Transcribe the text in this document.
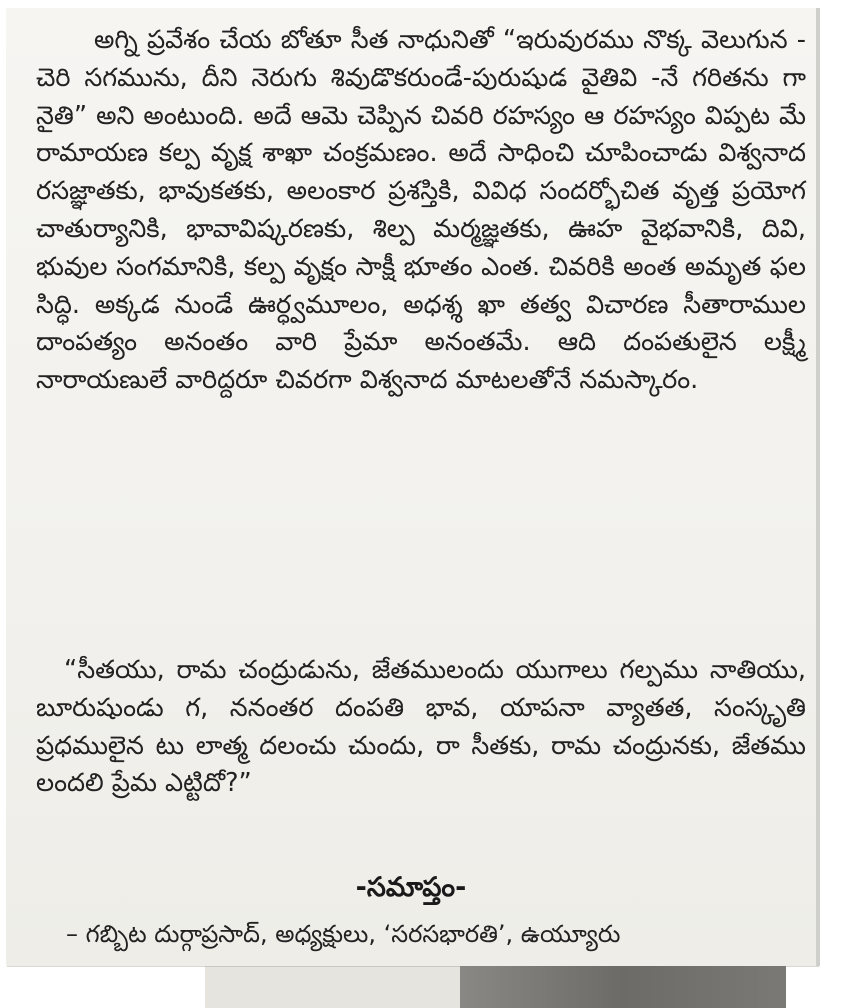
అగ్ని ప్రవేశం చేయ బోతూ సీత నాధునితో “ఇరువురము నొక్క వెలుగున - చెరి సగమును, దీని నెరుగు శివుడొకరుండే-పురుషుడ వైతివి -నే గరితను గా నైతి” అని అంటుంది. అదే ఆమె చెప్పిన చివరి రహస్యం ఆ రహస్యం విప్పట మే రామాయణ కల్ప వృక్ష శాఖా చంక్రమణం. అదే సాధించి చూపించాడు విశ్వనాద రసజ్ఞాతకు, భావుకతకు, అలంకార ప్రశస్తికి, వివిధ సందర్భోచిత వృత్త ప్రయోగ చాతుర్యానికి, భావావిష్కరణకు, శిల్ప మర్మజ్ఞతకు, ఊహ వైభవానికి, దివి, భువుల సంగమానికి, కల్ప వృక్షం సాక్షీ భూతం ఎంత. చివరికి అంత అమృత ఫల సిద్ధి. అక్కడ నుండే ఊర్ధ్వమూలం, అధశ్శ ఖా తత్వ విచారణ సీతారాముల దాంపత్యం అనంతం వారి ప్రేమా అనంతమే. ఆది దంపతులైన లక్ష్మీ నారాయణులే వారిద్దరూ చివరగా విశ్వనాద మాటలతోనే నమస్కారం.

“సీతయు, రామ చంద్రుడును, జేతములందు యుగాలు గల్పము నాతియు, బూరుషుండు గ, ననంతర దంపతి భావ, యాపనా వ్యాతత, సంస్కృతి ప్రధములైన టు లాత్మ దలంచు చుందు, రా సీతకు, రామ చంద్రునకు, జేతము లందలి ప్రేమ ఎట్టిదో?”

-సమాప్తం-

– గబ్బిట దుర్గాప్రసాద్, అధ్యక్షులు, ‘సరసభారతి’, ఉయ్యూరు
